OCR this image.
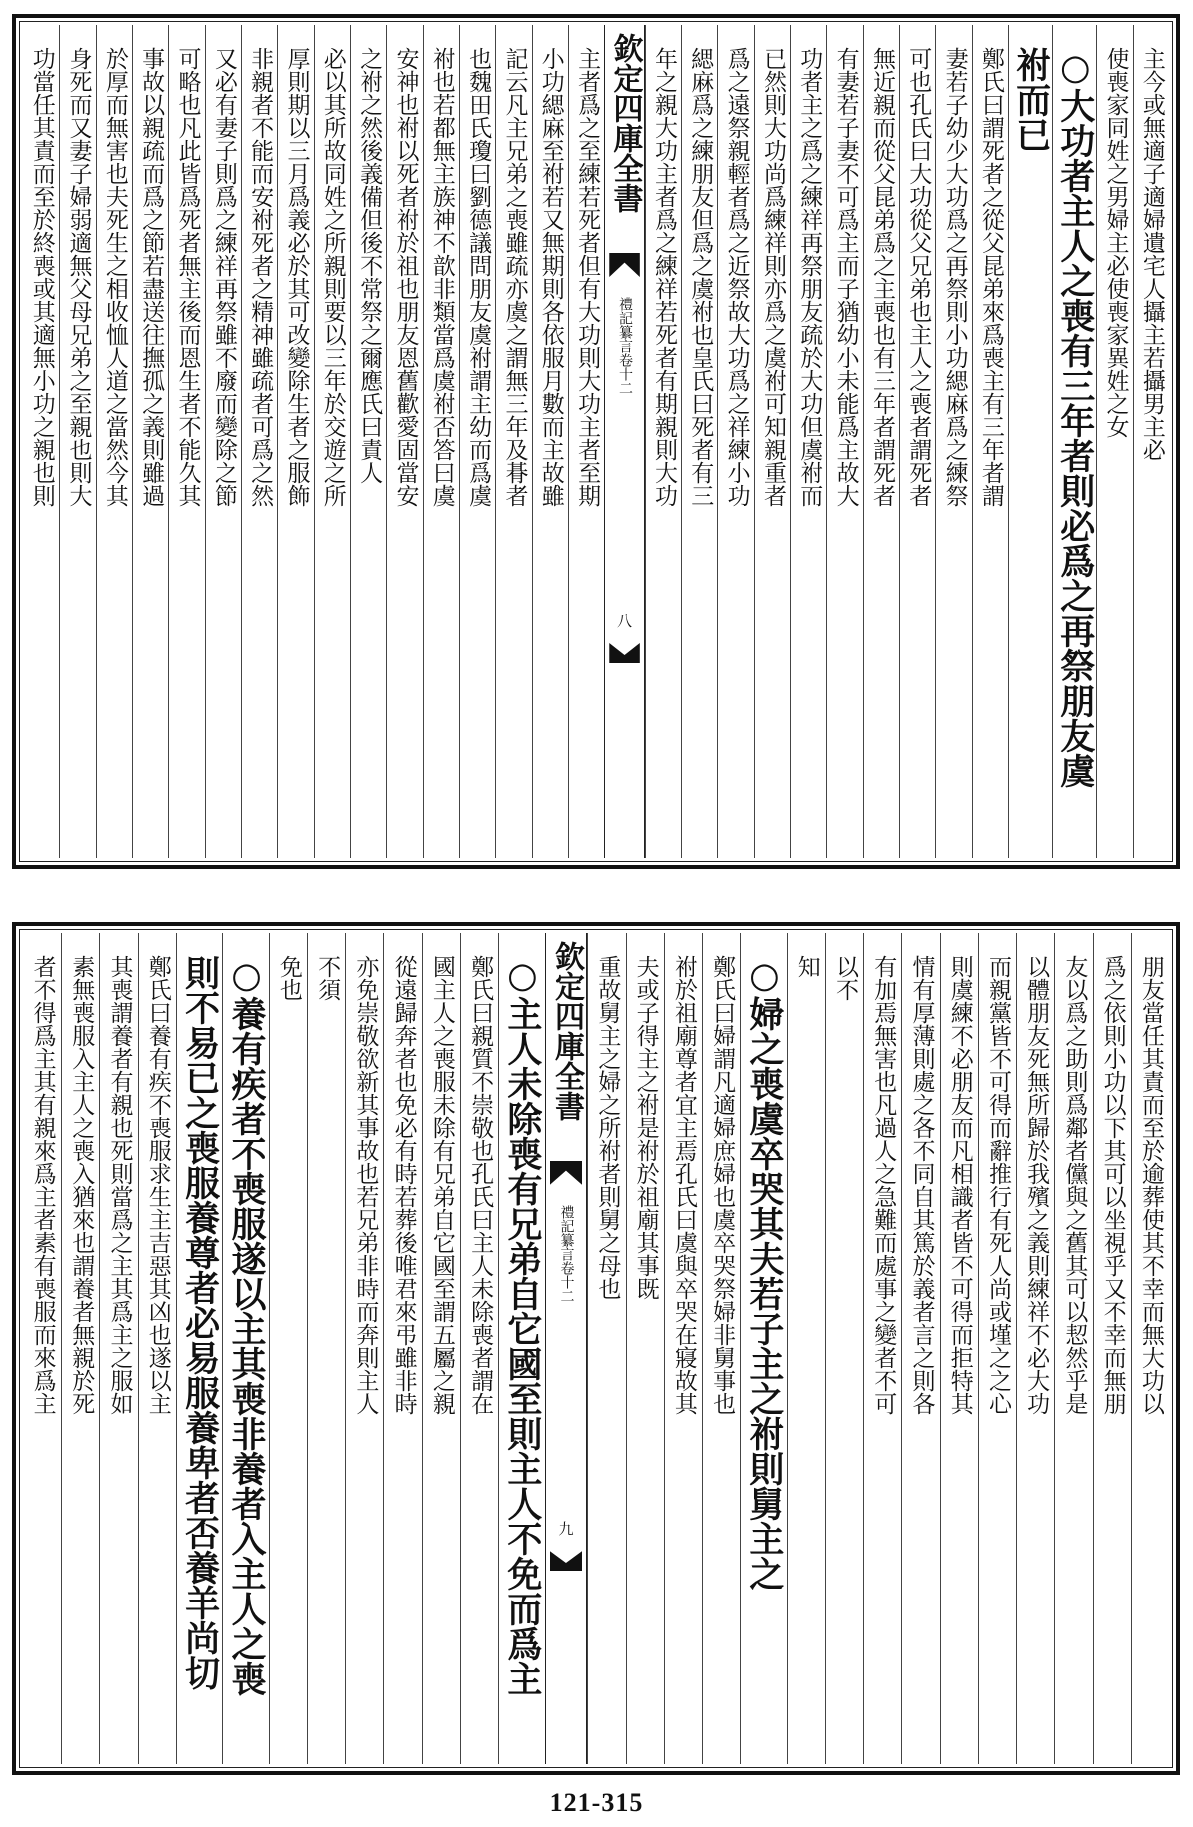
主今或無適子適婦遺宅人攝主若攝男主必
使喪家同姓之男婦主必使喪家異姓之女
○大功者主人之喪有三年者則必爲之再祭朋友虞
祔而已
鄭氏曰謂死者之從父昆弟來爲喪主有三年者謂
妻若子幼少大功爲之再祭則小功緦麻爲之練祭
可也孔氏曰大功從父兄弟也主人之喪者謂死者
無近親而從父昆弟爲之主喪也有三年者謂死者
有妻若子妻不可爲主而子猶幼小未能爲主故大
功者主之爲之練祥再祭朋友疏於大功但虞祔而
已然則大功尚爲練祥則亦爲之虞祔可知親重者
爲之遠祭親輕者爲之近祭故大功爲之祥練小功
緦麻爲之練朋友但爲之虞祔也皇氏曰死者有三
年之親大功主者爲之練祥若死者有期親則大功
欽定四庫全書
禮記纂言卷十二
八
主者爲之至練若死者但有大功則大功主者至期
小功緦麻至祔若又無期則各依服月數而主故雖
記云凡主兄弟之喪雖疏亦虞之謂無三年及朞者
也魏田氏瓊曰劉德議問朋友虞祔謂主幼而爲虞
祔也若都無主族神不歆非類當爲虞祔否答曰虞
安神也祔以死者祔於祖也朋友恩舊歡愛固當安
之祔之然後義備但後不常祭之爾應氏曰責人
必以其所故同姓之所親則要以三年於交遊之所
厚則期以三月爲義必於其可改變除生者之服飾
非親者不能而安祔死者之精神雖疏者可爲之然
又必有妻子則爲之練祥再祭雖不廢而變除之節
可略也凡此皆爲死者無主後而恩生者不能久其
事故以親疏而爲之節若盡送往撫孤之義則雖過
於厚而無害也夫死生之相收恤人道之當然今其
身死而又妻子婦弱適無父母兄弟之至親也則大
功當任其責而至於終喪或其適無小功之親也則
朋友當任其責而至於逾葬使其不幸而無大功以
爲之依則小功以下其可以坐視乎又不幸而無朋
友以爲之助則爲鄰者儻與之舊其可以恝然乎是
以體朋友死無所歸於我殯之義則練祥不必大功
而親黨皆不可得而辭推行有死人尚或墐之之心
則虞練不必朋友而凡相識者皆不可得而拒特其
情有厚薄則處之各不同自其篤於義者言之則各
有加焉無害也凡過人之急難而處事之變者不可
以不
知
○婦之喪虞卒哭其夫若子主之祔則舅主之
鄭氏曰婦謂凡適婦庶婦也虞卒哭祭婦非舅事也
祔於祖廟尊者宜主焉孔氏曰虞與卒哭在寢故其
夫或子得主之祔是祔於祖廟其事既
重故舅主之婦之所祔者則舅之母也
欽定四庫全書
禮記纂言卷十二
九
○主人未除喪有兄弟自它國至則主人不免而爲主
鄭氏曰親質不崇敬也孔氏曰主人未除喪者謂在
國主人之喪服未除有兄弟自它國至謂五屬之親
從遠歸奔者也免必有時若葬後唯君來弔雖非時
亦免崇敬欲新其事故也若兄弟非時而奔則主人
不須
免也
○養有疾者不喪服遂以主其喪非養者入主人之喪
則不易已之喪服養尊者必易服養卑者否養羊尚切
鄭氏曰養有疾不喪服求生主吉惡其凶也遂以主
其喪謂養者有親也死則當爲之主其爲主之服如
素無喪服入主人之喪入猶來也謂養者無親於死
者不得爲主其有親來爲主者素有喪服而來爲主
121-315
